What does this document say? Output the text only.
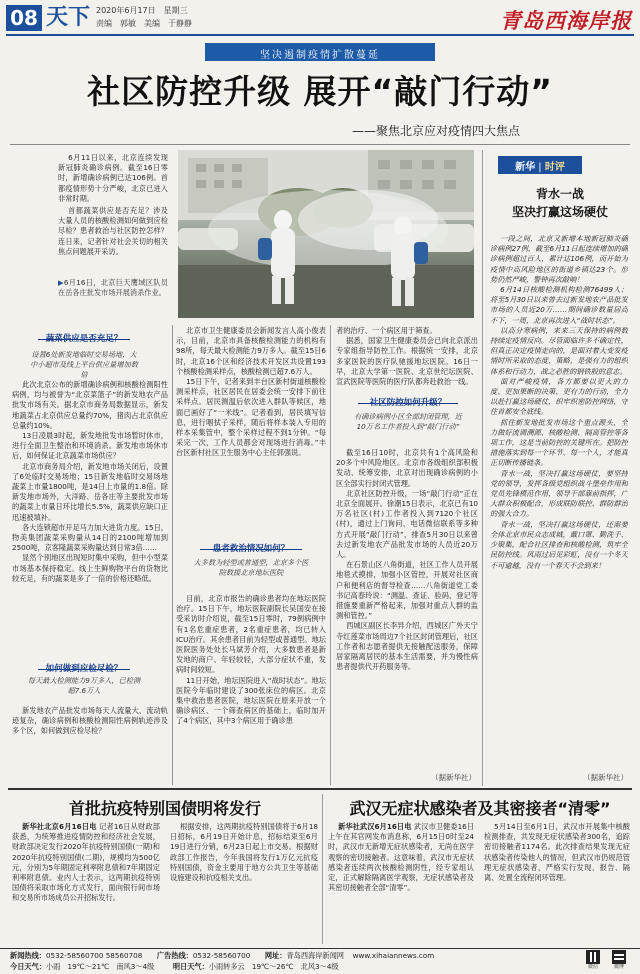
08 天下 2020年6月17日　星期三
责编　郭敏　美编　于静静	青岛西海岸报
坚决遏制疫情扩散蔓延
社区防控升级 展开“敲门行动”
——聚焦北京应对疫情四大焦点

6月11日以来，北京连续发现新冠肺炎确诊病例。截至16日零时，新增确诊病例已达106例。首都疫情形势十分严峻，北京已进入非常时期。

首都蔬菜供应是否充足？涉及大量人员的核酸检测如何做到应检尽检？患者救治与社区防控怎样？连日来，记者针对社会关切的相关焦点问题展开采访。

▶6月16日，北京巨天鹰域区队员在岳各庄批发市场开展消杀作业。
新华 | 时评
背水一战
坚决打赢这场硬仗

一段之间，北京又新增本地新冠肺炎确诊病例27例，截至6月11日起连续增加的确诊病例超过百人，累计达106例，而开始为疫情中高风险地区的街道乡镇达23个。形势仍然严峻，警钟再次敲响！

6月14日核酸检测机构检测76499人；将至5月30日以来曾去过新发地农产品批发市场的人员近20万……期间确诊数量居高不下，一周，北京再次进入“战时状态”。

以高分寒病例，来来三天保持的病例数持续定疫情反向。尽管面临许多不确定性，但真正决定疫情走向的，是面对着大变发疫情时所采取的态度、策略，是强有力的组织体系和行动力，战之必胜的钢铁般的意志。

面对严峻疫情，各方都要以更大的力度、更加果断的决策、更有力的行动，全力以赴打赢这场硬仗，织牢织密防控网络，守住首都安全底线。

抓住新发地批发市场这个重点源头，全力做好流调溯源、核酸检测、隔离管控等各项工作，这是当前防控的关键所在。把防控措施落实到每一个环节、每一个人，才能真正切断传播链条。

背水一战，坚决打赢这场硬仗，要坚持党的领导，发挥各级党组织战斗堡垒作用和党员先锋模范作用，领导干部靠前指挥，广大群众积极配合，形成联防联控、群防群治的强大合力。

背水一战，坚决打赢这场硬仗，还需要全体北京市民众志成城，戴口罩、勤洗手、少聚集，配合社区排查和核酸检测，筑牢全民防控线。风雨过后见彩虹，没有一个冬天不可逾越，没有一个春天不会到来！

（据新华社）
蔬菜供应是否充足？
设置6处新发地临时交易场地，大中小超市及线上平台供应量增加数倍

此次北京公布的新增确诊病例和核酸检测阳性病例，均与被誉为“北京菜篮子”的新发地农产品批发市场有关。据北京市商务局数据显示，新发地蔬菜占北京供应总量约70%，猪肉占北京供应总量约10%。

13日凌晨3时起，新发地批发市场暂时休市，进行全面卫生整治和环境消杀。新发地市场休市后，如何保证北京蔬菜市场供应？

北京市商务局介绍，新发地市场关闭后，设置了6处临时交易场地；15日新发地临时交易场地蔬菜上市量1800吨，是14日上市量的1.8倍。除新发地市场外，大洋路、岳各庄等主要批发市场的蔬菜上市量日环比增长5.5%，蔬菜供应缺口正迅速被填补。

各大连锁超市开足马力加大进货力度。15日，物美集团蔬菜采购量从14日的2100吨增加到2500吨，京客隆蔬菜采购量达到日常3倍……

显然个别地区出现短时集中采购，但中小型菜市场基本保持稳定。线上生鲜购物平台的货物比较充足，有的蔬菜是多了一倍的价格还略低。

如何做到应检尽检？
每天最大检测能力9万多人，已检测超7.6万人

新发地农产品批发市场每天人流量大、流动轨迹复杂，确诊病例和核酸检测阳性病例轨迹涉及多个区，如何做到应检尽检？

北京市卫生健康委员会新闻发言人高小俊表示，目前，北京市具备核酸检测能力的机构有98所，每天最大检测能力9万多人。截至15日6时，北京16个区和经济技术开发区共设置193个核酸检测采样点，核酸检测已超7.6万人。

15日下午，记者来到丰台区新村街道核酸检测采样点，社区居民在居委会统一安排下前往采样点。居民测温后依次进入群队等候区，地面已画好了“一米线”。记者看到，居民填写信息，进行咽拭子采样，随后将样本装入专用的样本采集管中，整个采样过程不到1分钟。“每采完一次，工作人员都会对现场进行消毒。”丰台区新村社区卫生服务中心主任郭强说。

患者救治情况如何？
大多数为轻型或普通型，北京多个医院数援北京地坛医院

目前，北京市报告的确诊患者均在地坛医院治疗。15日下午，地坛医院副院长吴国安在接受采访时介绍说，截至15日零时，79例病例中有1名危重症患者，2名重症患者，均已转入ICU治疗。其余患者目前为轻型或普通型。地坛医院医务处处长马斌芳介绍，大多数患者是新发地的商户、年轻较轻，大部分症状不重，发病时间较短。

11日开始，地坛医院进入“战时状态”。地坛医院今年临时建设了300张床位的病区。北京集中救治患者医院，地坛医院在原来开放一个确诊病区、一个筛查病区的基础上，临时加开了4个病区，其中3个病区用于确诊患

者的治疗、一个病区用于筛查。

据悉，国家卫生健康委员会已向北京派出专家组指导防控工作。根据统一安排，北京多家医院的医疗队驰援地坛医院。16日一早，北京大学第一医院、北京世纪坛医院、宣武医院等医院的医疗队都奔赴救治一线。

社区防控如何升级？
有确诊病例小区全部封闭管理，近10万名工作者投入到“敲门行动”

截至16日10时，北京共有1个高风险和20多个中风险地区。北京市各级组织部积极发动、统筹安排，北京对出现确诊病例的小区全部实行封闭式管理。

北京社区防控升级，一场“敲门行动”正在北京全面展开。徐潮15日表示，北京已有10万名社区(村)工作者投入到7120个社区(村)，通过上门询问、电话微信联系等多种方式开展“敲门行动”，排查5月30日以来曾去过新发地农产品批发市场的人员近20万人。

在石景山区八角街道，社区工作人员开展地毯式摸排，加强小区管控，开展对社区商户和便利店的督导检查……八角街道党工委书记高春玲说：“测温、查证、验码、登记等措施要重新严格起来，加强对重点人群的监测和管控。”

西城区副区长李异介绍，西城区广外天宁寺红莲菜市场周边7个社区封闭管理后，社区工作者和志愿者提供无接触配送服务，保障居家隔离居民的基本生活需要，并为慢性病患者提供代开药服务等。

（据新华社）
首批抗疫特别国债明将发行

新华社北京6月16日电 记者16日从财政部获悉，为统筹推进疫情防控和经济社会发展，财政部决定发行2020年抗疫特别国债(一期)和2020年抗疫特别国债(二期)，规模均为500亿元，分别为5年期固定利率附息债和7年期固定利率附息债。业内人士表示，这两期抗疫特别国债将采取市场化方式发行，面向银行间市场和交易所市场成员公开招标发行。

根据安排，这两期抗疫特别国债将于6月18日招标，6月19日开始计息，招标结束至6月19日进行分销，6月23日起上市交易。根据财政部工作报告，今年我国将发行1万亿元抗疫特别国债，资金主要用于地方公共卫生等基础设施建设和抗疫相关支出。

武汉无症状感染者及其密接者“清零”

新华社武汉6月16日电 武汉市卫健委16日上午在其官网发布消息称，6月15日0时至24时，武汉市无新增无症状感染者，无尚在医学观察的密切接触者。这意味着，武汉市无症状感染者连续两次核酸检测阴性，经专家组认定，正式解除隔离医学观察，无症状感染者及其密切接触者全部“清零”。

5月14日至6月1日，武汉市开展集中核酸检测排查，共发现无症状感染者300名，追踪密切接触者1174名。此次排查结果发现无症状感染者传染他人的情况，但武汉市仍规范管理无症状感染者，严格实行发现、报告、隔离、处置全流程闭环管理。

新闻热线：0532-58560700 58560708 广告热线：0532-58560700 网址：青岛西海岸新闻网 www.xihaiannews.com
今日天气：小雨　19℃～21℃　南风3～4级	明日天气：小雨转多云　19℃～26℃　北风3～4级	微信	微博
